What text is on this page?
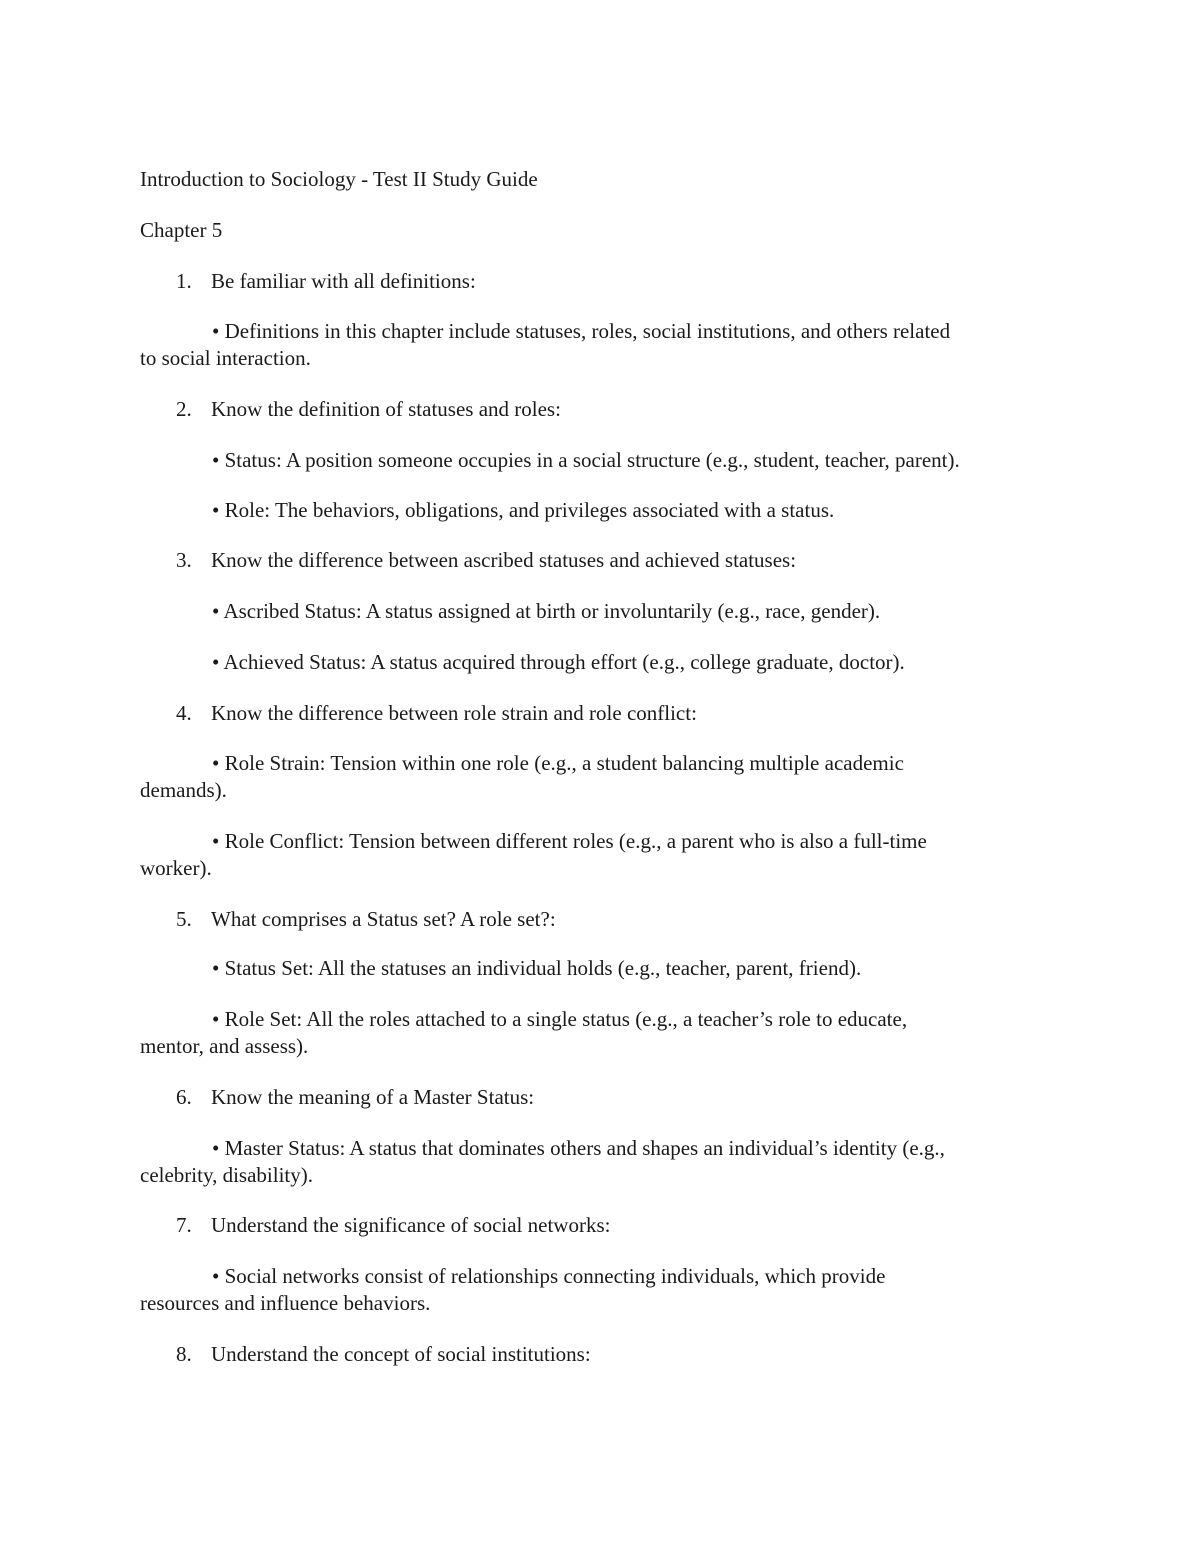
Introduction to Sociology - Test II Study Guide
Chapter 5
1. Be familiar with all definitions:
• Definitions in this chapter include statuses, roles, social institutions, and others related
to social interaction.
2. Know the definition of statuses and roles:
• Status: A position someone occupies in a social structure (e.g., student, teacher, parent).
• Role: The behaviors, obligations, and privileges associated with a status.
3. Know the difference between ascribed statuses and achieved statuses:
• Ascribed Status: A status assigned at birth or involuntarily (e.g., race, gender).
• Achieved Status: A status acquired through effort (e.g., college graduate, doctor).
4. Know the difference between role strain and role conflict:
• Role Strain: Tension within one role (e.g., a student balancing multiple academic
demands).
• Role Conflict: Tension between different roles (e.g., a parent who is also a full-time
worker).
5. What comprises a Status set? A role set?:
• Status Set: All the statuses an individual holds (e.g., teacher, parent, friend).
• Role Set: All the roles attached to a single status (e.g., a teacher’s role to educate,
mentor, and assess).
6. Know the meaning of a Master Status:
• Master Status: A status that dominates others and shapes an individual’s identity (e.g.,
celebrity, disability).
7. Understand the significance of social networks:
• Social networks consist of relationships connecting individuals, which provide
resources and influence behaviors.
8. Understand the concept of social institutions:
